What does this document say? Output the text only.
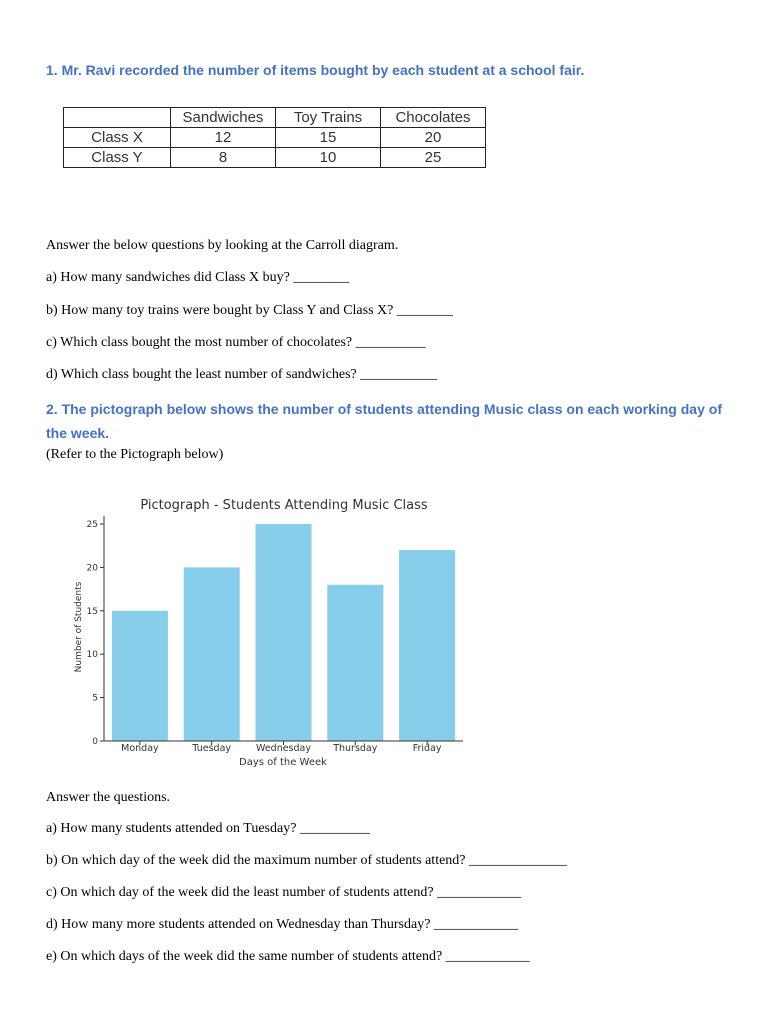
1. Mr. Ravi recorded the number of items bought by each student at a school fair.
	Sandwiches	Toy Trains	Chocolates
Class X	12	15	20
Class Y	8	10	25

Answer the below questions by looking at the Carroll diagram.

a) How many sandwiches did Class X buy? ________

b) How many toy trains were bought by Class Y and Class X? ________

c) Which class bought the most number of chocolates? __________

d) Which class bought the least number of sandwiches? ___________

2. The pictograph below shows the number of students attending Music class on each working day of the week.

(Refer to the Pictograph below)

Pictograph - Students Attending Music Class
Number of Students
Days of the Week
0
5
10
15
20
25
Monday	Tuesday	Wednesday Thursday	Friday

Answer the questions.

a) How many students attended on Tuesday? __________

b) On which day of the week did the maximum number of students attend? ______________

c) On which day of the week did the least number of students attend? ____________

d) How many more students attended on Wednesday than Thursday? ____________

e) On which days of the week did the same number of students attend? ____________
